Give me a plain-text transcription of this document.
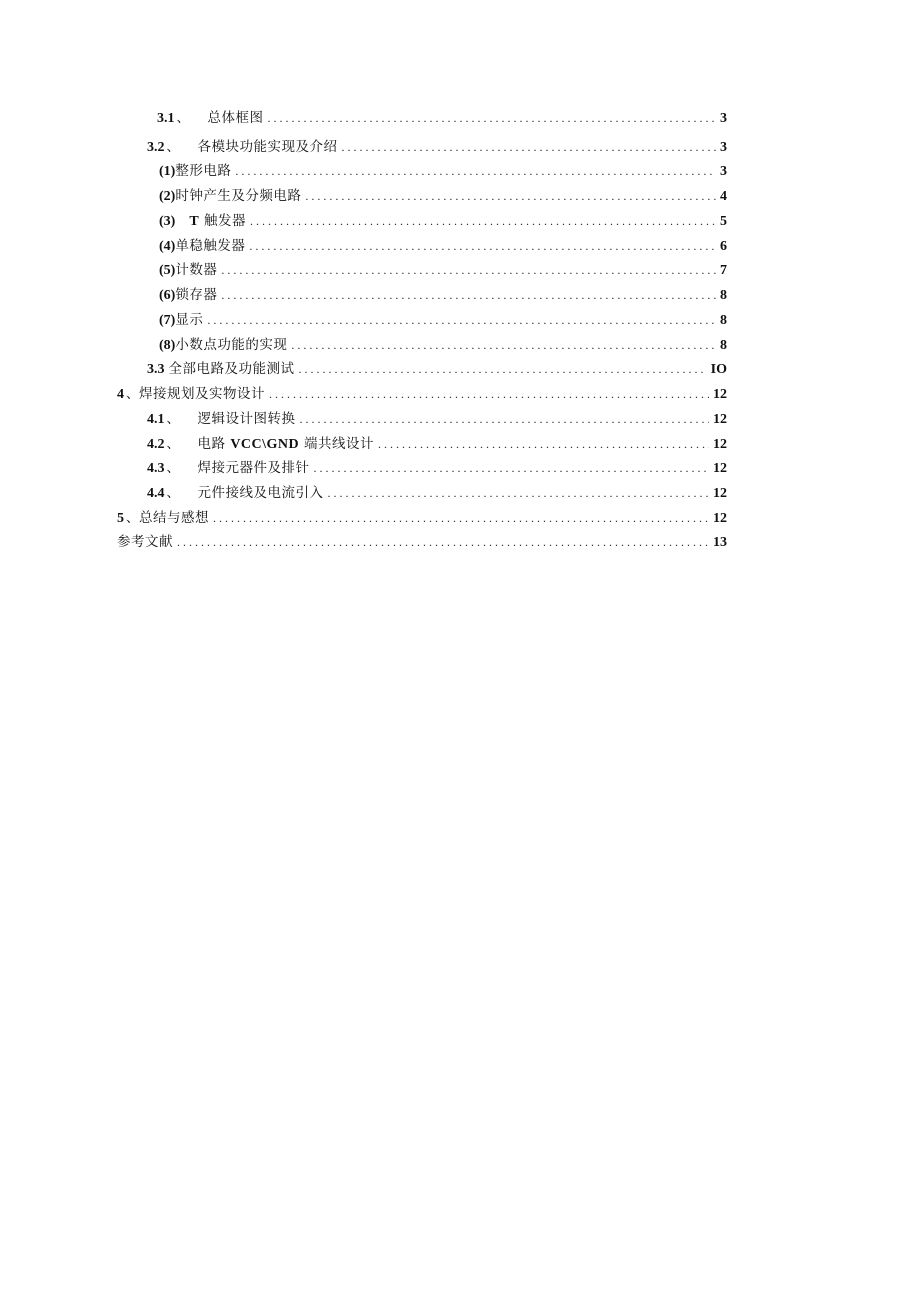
3.1 、 总体框图 . . .	3
3.2 、 各模块功能实现及介绍 . . .	3
(1) 整形电路 . . .	3
(2) 时钟产生及分频电路 . . .	4
(3) T 触发器 . . .	5
(4) 单稳触发器 . . .	6
(5) 计数器 . . .	7
(6) 锁存器 . . .	8
(7) 显示 . . .	8
(8) 小数点功能的实现 . . .	8
3.3 全部电路及功能测试 . . .	IO
4 、 焊接规划及实物设计 . . .	12
4.1 、 逻辑设计图转换 . . .	12
4.2 、 电路 VCC\GND 端共线设计 . . .	12
4.3 、 焊接元器件及排针 . . .	12
4.4 、 元件接线及电流引入 . . .	12
5 、 总结与感想 . . .	12
参考文献 . . .	13
